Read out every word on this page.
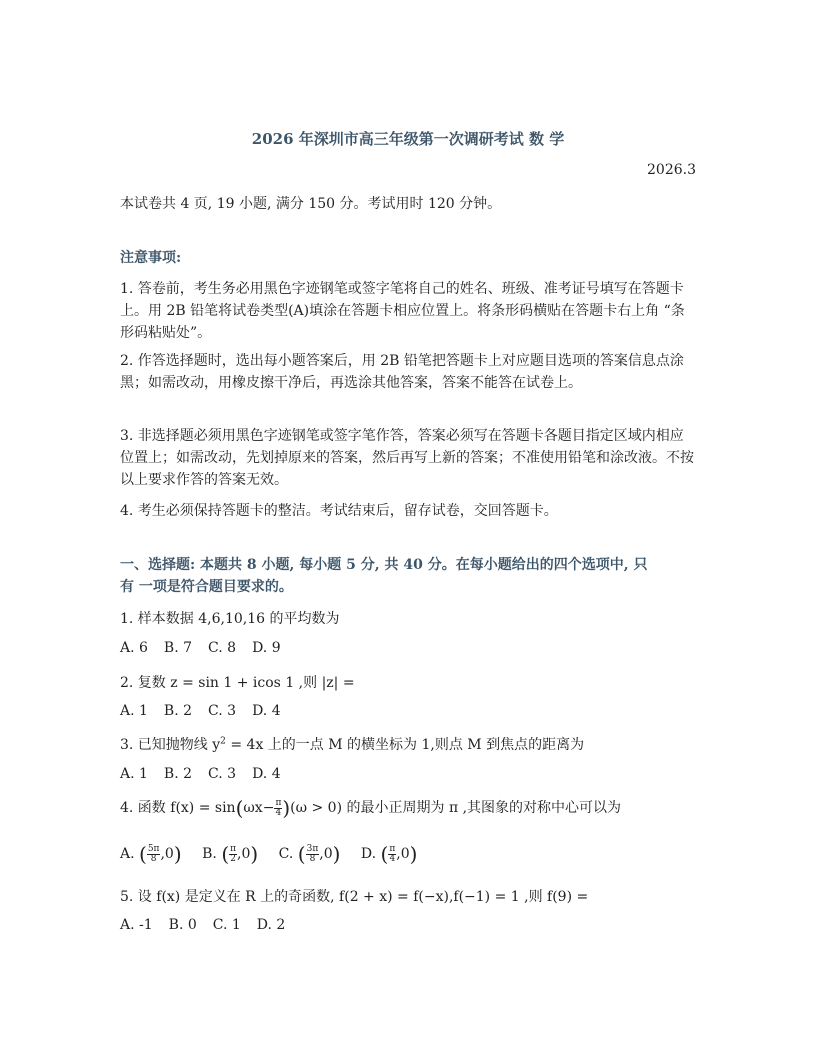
2026 年深圳市高三年级第一次调研考试 数 学
2026.3
本试卷共 4 页, 19 小题, 满分 150 分。考试用时 120 分钟。
注意事项:
1. 答卷前，考生务必用黑色字迹钢笔或签字笔将自己的姓名、班级、准考证号填写在答题卡上。用 2B 铅笔将试卷类型(A)填涂在答题卡相应位置上。将条形码横贴在答题卡右上角 “条形码粘贴处”。
2. 作答选择题时，选出每小题答案后，用 2B 铅笔把答题卡上对应题目选项的答案信息点涂黑；如需改动，用橡皮擦干净后，再选涂其他答案，答案不能答在试卷上。
3. 非选择题必须用黑色字迹钢笔或签字笔作答，答案必须写在答题卡各题目指定区域内相应位置上；如需改动，先划掉原来的答案，然后再写上新的答案；不准使用铅笔和涂改液。不按以上要求作答的答案无效。
4. 考生必须保持答题卡的整洁。考试结束后，留存试卷，交回答题卡。
一、选择题: 本题共 8 小题, 每小题 5 分, 共 40 分。在每小题给出的四个选项中, 只
有 一项是符合题目要求的。
1. 样本数据 4,6,10,16 的平均数为
A. 6 B. 7 C. 8 D. 9
2. 复数 z = sin 1 + icos 1 ,则 |z| =
A. 1 B. 2 C. 3 D. 4
3. 已知抛物线 $y^2 = 4x$ 上的一点 M 的横坐标为 1,则点 M 到焦点的距离为
A. 1 B. 2 C. 3 D. 4
4. 函数 $f(x) = \sin(\omega x- \frac{\pi}{4} )(\omega > 0)$ 的最小正周期为 π ,其图象的对称中心可以为
A. ( $\frac{5\pi}{8} ,0$) B. ( $\frac{\pi}{2} ,0$) C. ( $\frac{3\pi}{8} ,0$) D. ( $\frac{\pi}{4} ,0$)
5. 设 f(x) 是定义在 R 上的奇函数, f(2 + x) = f(−x),f(−1) = 1 ,则 f(9) =
A. -1 B. 0 C. 1 D. 2
